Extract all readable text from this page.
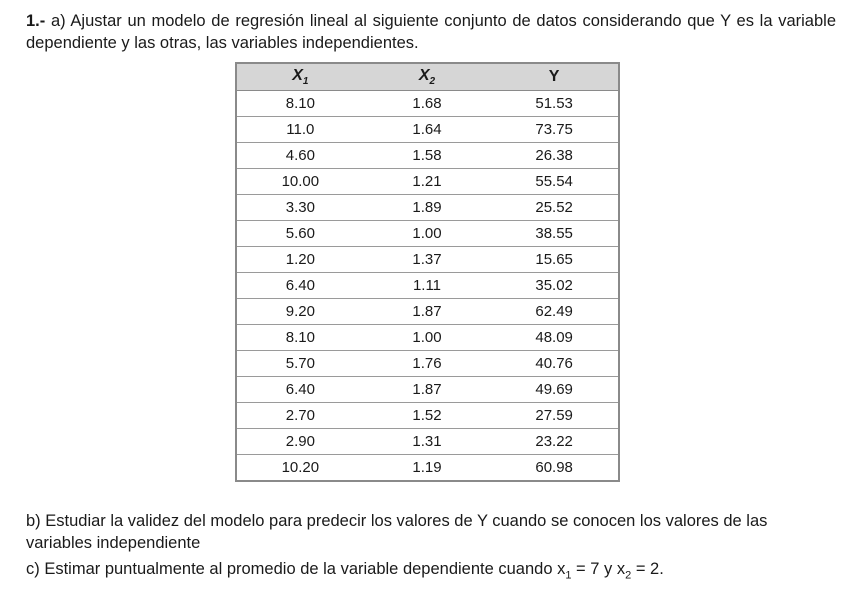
1.- a) Ajustar un modelo de regresión lineal al siguiente conjunto de datos considerando que Y es la variable dependiente y las otras, las variables independientes.

$X_1$	$X_2$	Y
8.10	1.68	51.53
11.0	1.64	73.75
4.60	1.58	26.38
10.00	1.21	55.54
3.30	1.89	25.52
5.60	1.00	38.55
1.20	1.37	15.65
6.40	1.11	35.02
9.20	1.87	62.49
8.10	1.00	48.09
5.70	1.76	40.76
6.40	1.87	49.69
2.70	1.52	27.59
2.90	1.31	23.22
10.20	1.19	60.98

b) Estudiar la validez del modelo para predecir los valores de Y cuando se conocen los valores de las variables independiente

c) Estimar puntualmente al promedio de la variable dependiente cuando $x_1 = 7$ y $x_2 = 2$.
